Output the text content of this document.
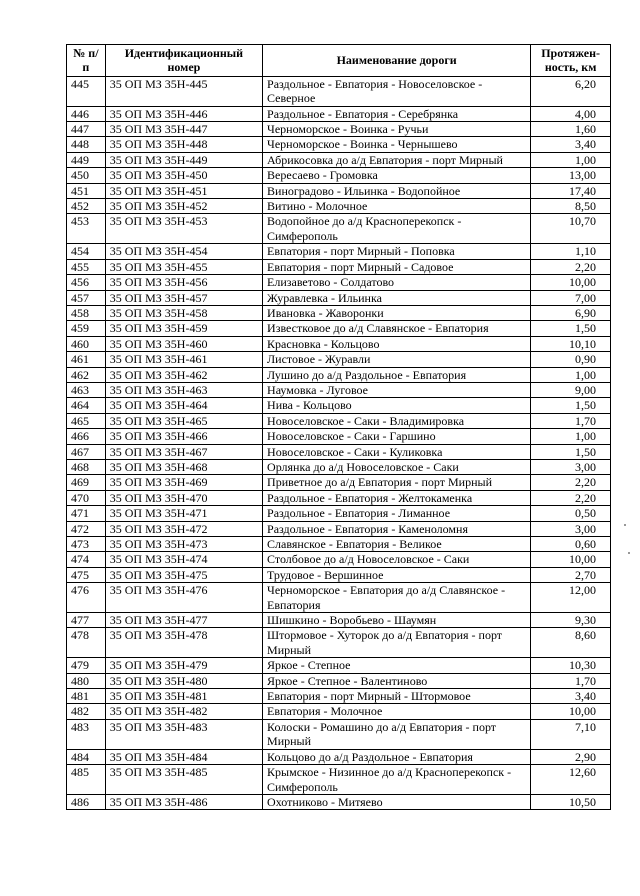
№ п/п	Идентификационный номер	Наименование дороги	Протяжен-ность, км
445	35 ОП МЗ 35Н-445	Раздольное - Евпатория - Новоселовское - Северное	6,20
446	35 ОП МЗ 35Н-446	Раздольное - Евпатория - Серебрянка	4,00
447	35 ОП МЗ 35Н-447	Черноморское - Воинка - Ручьи	1,60
448	35 ОП МЗ 35Н-448	Черноморское - Воинка - Чернышево	3,40
449	35 ОП МЗ 35Н-449	Абрикосовка до а/д Евпатория - порт Мирный	1,00
450	35 ОП МЗ 35Н-450	Вересаево - Громовка	13,00
451	35 ОП МЗ 35Н-451	Виноградово - Ильинка - Водопойное	17,40
452	35 ОП МЗ 35Н-452	Витино - Молочное	8,50
453	35 ОП МЗ 35Н-453	Водопойное до а/д Красноперекопск - Симферополь	10,70
454	35 ОП МЗ 35Н-454	Евпатория - порт Мирный - Поповка	1,10
455	35 ОП МЗ 35Н-455	Евпатория - порт Мирный - Садовое	2,20
456	35 ОП МЗ 35Н-456	Елизаветово - Солдатово	10,00
457	35 ОП МЗ 35Н-457	Журавлевка - Ильинка	7,00
458	35 ОП МЗ 35Н-458	Ивановка - Жаворонки	6,90
459	35 ОП МЗ 35Н-459	Известковое до а/д Славянское - Евпатория	1,50
460	35 ОП МЗ 35Н-460	Красновка - Кольцово	10,10
461	35 ОП МЗ 35Н-461	Листовое - Журавли	0,90
462	35 ОП МЗ 35Н-462	Лушино до а/д Раздольное - Евпатория	1,00
463	35 ОП МЗ 35Н-463	Наумовка - Луговое	9,00
464	35 ОП МЗ 35Н-464	Нива - Кольцово	1,50
465	35 ОП МЗ 35Н-465	Новоселовское - Саки - Владимировка	1,70
466	35 ОП МЗ 35Н-466	Новоселовское - Саки - Гаршино	1,00
467	35 ОП МЗ 35Н-467	Новоселовское - Саки - Куликовка	1,50
468	35 ОП МЗ 35Н-468	Орлянка до а/д Новоселовское - Саки	3,00
469	35 ОП МЗ 35Н-469	Приветное до а/д Евпатория - порт Мирный	2,20
470	35 ОП МЗ 35Н-470	Раздольное - Евпатория - Желтокаменка	2,20
471	35 ОП МЗ 35Н-471	Раздольное - Евпатория - Лиманное	0,50
472	35 ОП МЗ 35Н-472	Раздольное - Евпатория - Каменоломня	3,00
473	35 ОП МЗ 35Н-473	Славянское - Евпатория - Великое	0,60
474	35 ОП МЗ 35Н-474	Столбовое до а/д Новоселовское - Саки	10,00
475	35 ОП МЗ 35Н-475	Трудовое - Вершинное	2,70
476	35 ОП МЗ 35Н-476	Черноморское - Евпатория до а/д Славянское - Евпатория	12,00
477	35 ОП МЗ 35Н-477	Шишкино - Воробьево - Шаумян	9,30
478	35 ОП МЗ 35Н-478	Штормовое - Хуторок до а/д Евпатория - порт Мирный	8,60
479	35 ОП МЗ 35Н-479	Яркое - Степное	10,30
480	35 ОП МЗ 35Н-480	Яркое - Степное - Валентиново	1,70
481	35 ОП МЗ 35Н-481	Евпатория - порт Мирный - Штормовое	3,40
482	35 ОП МЗ 35Н-482	Евпатория - Молочное	10,00
483	35 ОП МЗ 35Н-483	Колоски - Ромашино до а/д Евпатория - порт Мирный	7,10
484	35 ОП МЗ 35Н-484	Кольцово до а/д Раздольное - Евпатория	2,90
485	35 ОП МЗ 35Н-485	Крымское - Низинное до а/д Красноперекопск - Симферополь	12,60
486	35 ОП МЗ 35Н-486	Охотниково - Митяево	10,50
